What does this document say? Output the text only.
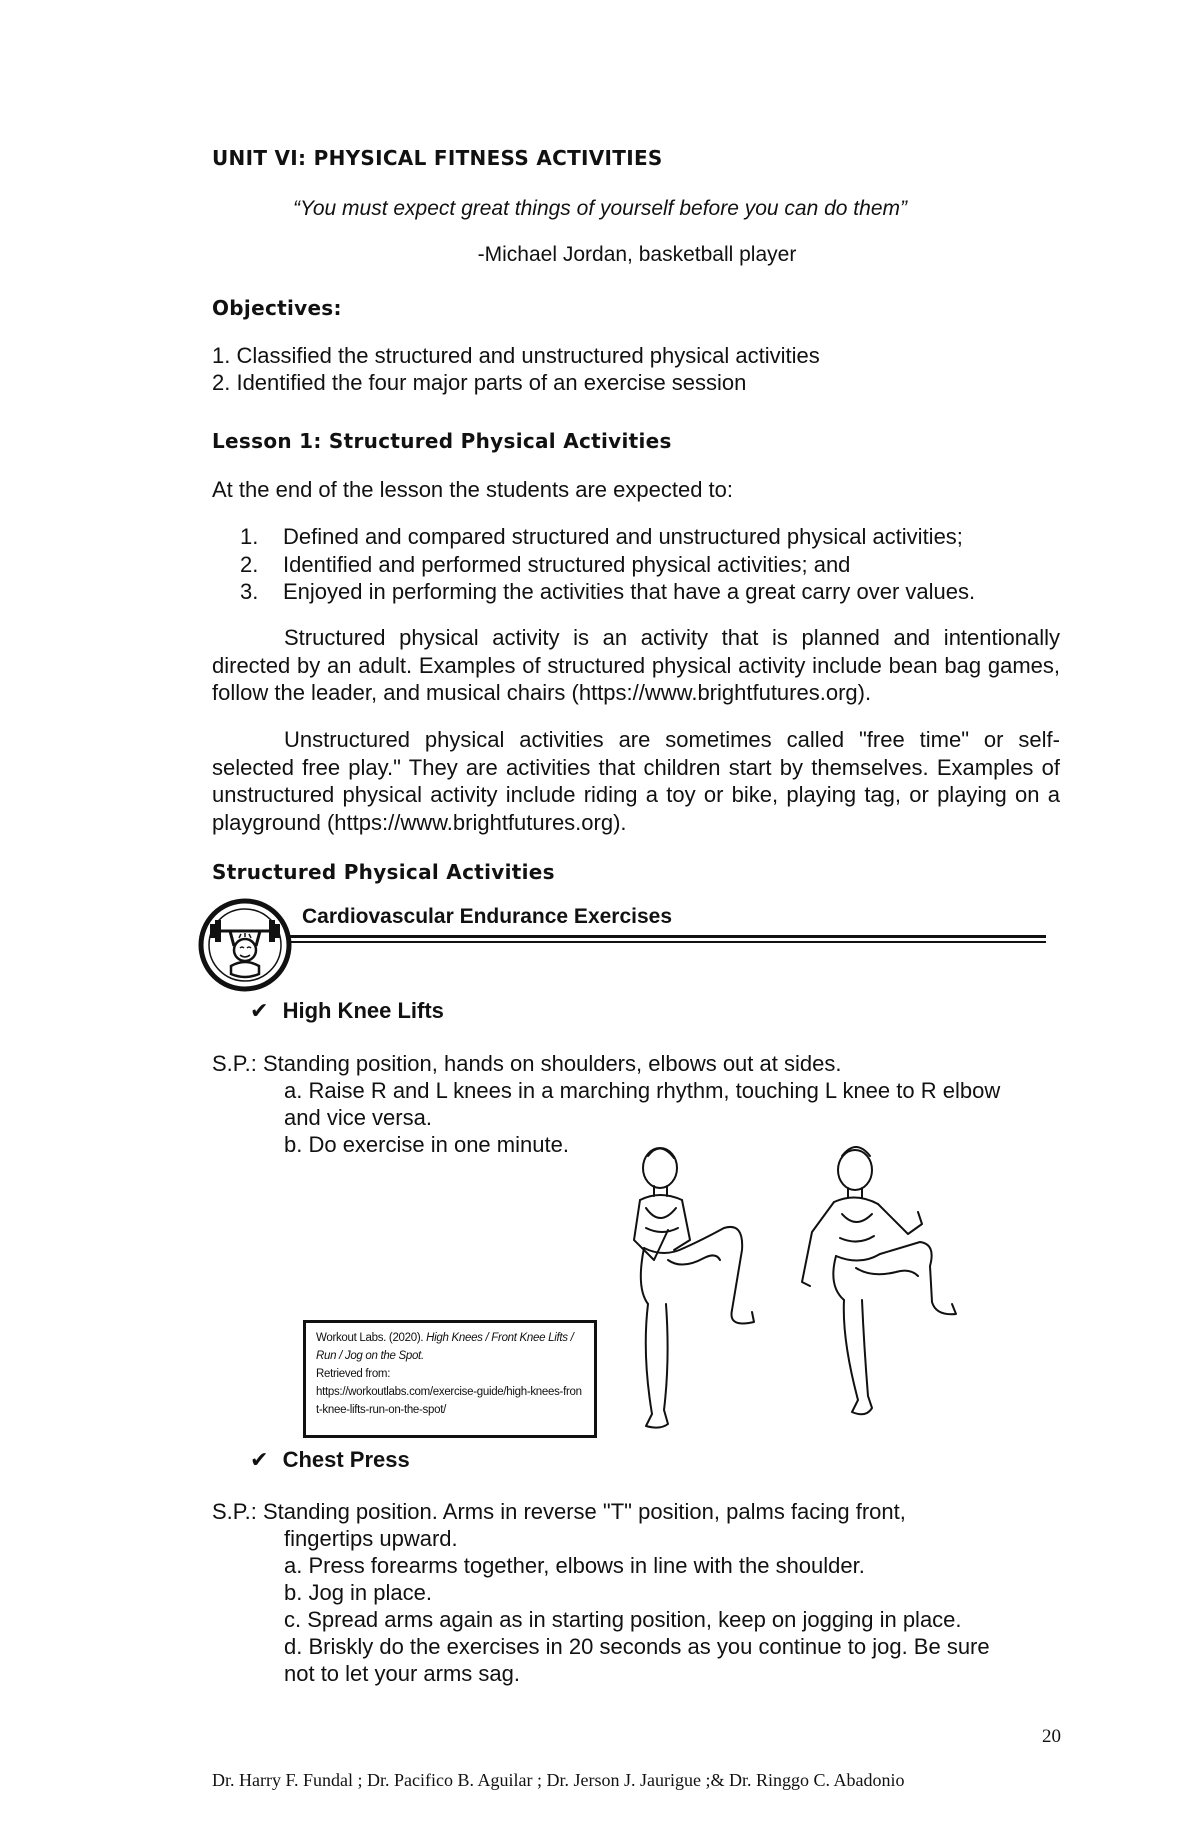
UNIT VI: PHYSICAL FITNESS ACTIVITIES
“You must expect great things of yourself before you can do them”
-Michael Jordan, basketball player
Objectives:
1. Classified the structured and unstructured physical activities
2. Identified the four major parts of an exercise session
Lesson 1: Structured Physical Activities
At the end of the lesson the students are expected to:
1. Defined and compared structured and unstructured physical activities;
2. Identified and performed structured physical activities; and
3. Enjoyed in performing the activities that have a great carry over values.
Structured physical activity is an activity that is planned and intentionally directed by an adult. Examples of structured physical activity include bean bag games, follow the leader, and musical chairs (https://www.brightfutures.org).
Unstructured physical activities are sometimes called "free time" or self-selected free play." They are activities that children start by themselves. Examples of unstructured physical activity include riding a toy or bike, playing tag, or playing on a playground (https://www.brightfutures.org).
Structured Physical Activities
Cardiovascular Endurance Exercises
✔ High Knee Lifts
S.P.: Standing position, hands on shoulders, elbows out at sides.
a. Raise R and L knees in a marching rhythm, touching L knee to R elbow
and vice versa.
b. Do exercise in one minute.
Workout Labs. (2020). High Knees / Front Knee Lifts / Run / Jog on the Spot.
Retrieved from:
https://workoutlabs.com/exercise-guide/high-knees-front-knee-lifts-run-on-the-spot/
✔ Chest Press
S.P.: Standing position. Arms in reverse "T" position, palms facing front,
fingertips upward.
a. Press forearms together, elbows in line with the shoulder.
b. Jog in place.
c. Spread arms again as in starting position, keep on jogging in place.
d. Briskly do the exercises in 20 seconds as you continue to jog. Be sure
not to let your arms sag.
20
Dr. Harry F. Fundal ; Dr. Pacifico B. Aguilar ; Dr. Jerson J. Jaurigue ;& Dr. Ringgo C. Abadonio
